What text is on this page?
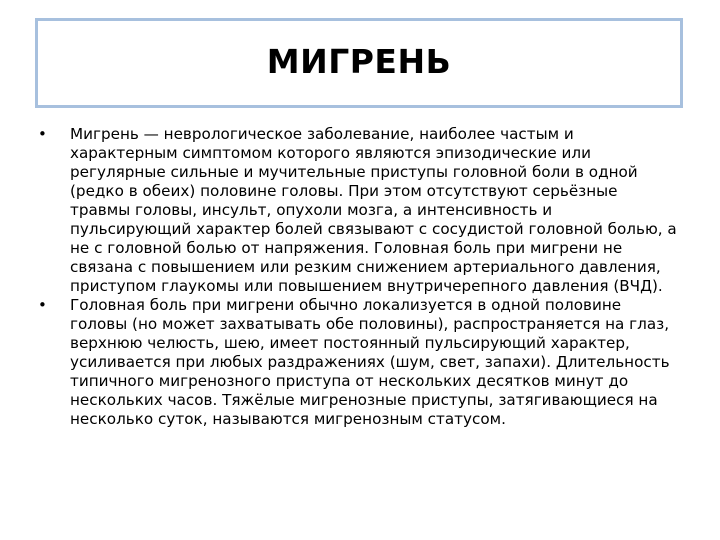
МИГРЕНЬ
•	Мигрень — неврологическое заболевание, наиболее частым и характерным симптомом которого являются эпизодические или регулярные сильные и мучительные приступы головной боли в одной (редко в обеих) половине головы. При этом отсутствуют серьёзные травмы головы, инсульт, опухоли мозга, а интенсивность и пульсирующий характер болей связывают с сосудистой головной болью, а не с головной болью от напряжения. Головная боль при мигрени не связана с повышением или резким снижением артериального давления, приступом глаукомы или повышением внутричерепного давления (ВЧД).
•	Головная боль при мигрени обычно локализуется в одной половине головы (но может захватывать обе половины), распространяется на глаз, верхнюю челюсть, шею, имеет постоянный пульсирующий характер, усиливается при любых раздражениях (шум, свет, запахи). Длительность типичного мигренозного приступа от нескольких десятков минут до нескольких часов. Тяжёлые мигренозные приступы, затягивающиеся на несколько суток, называются мигренозным статусом.
